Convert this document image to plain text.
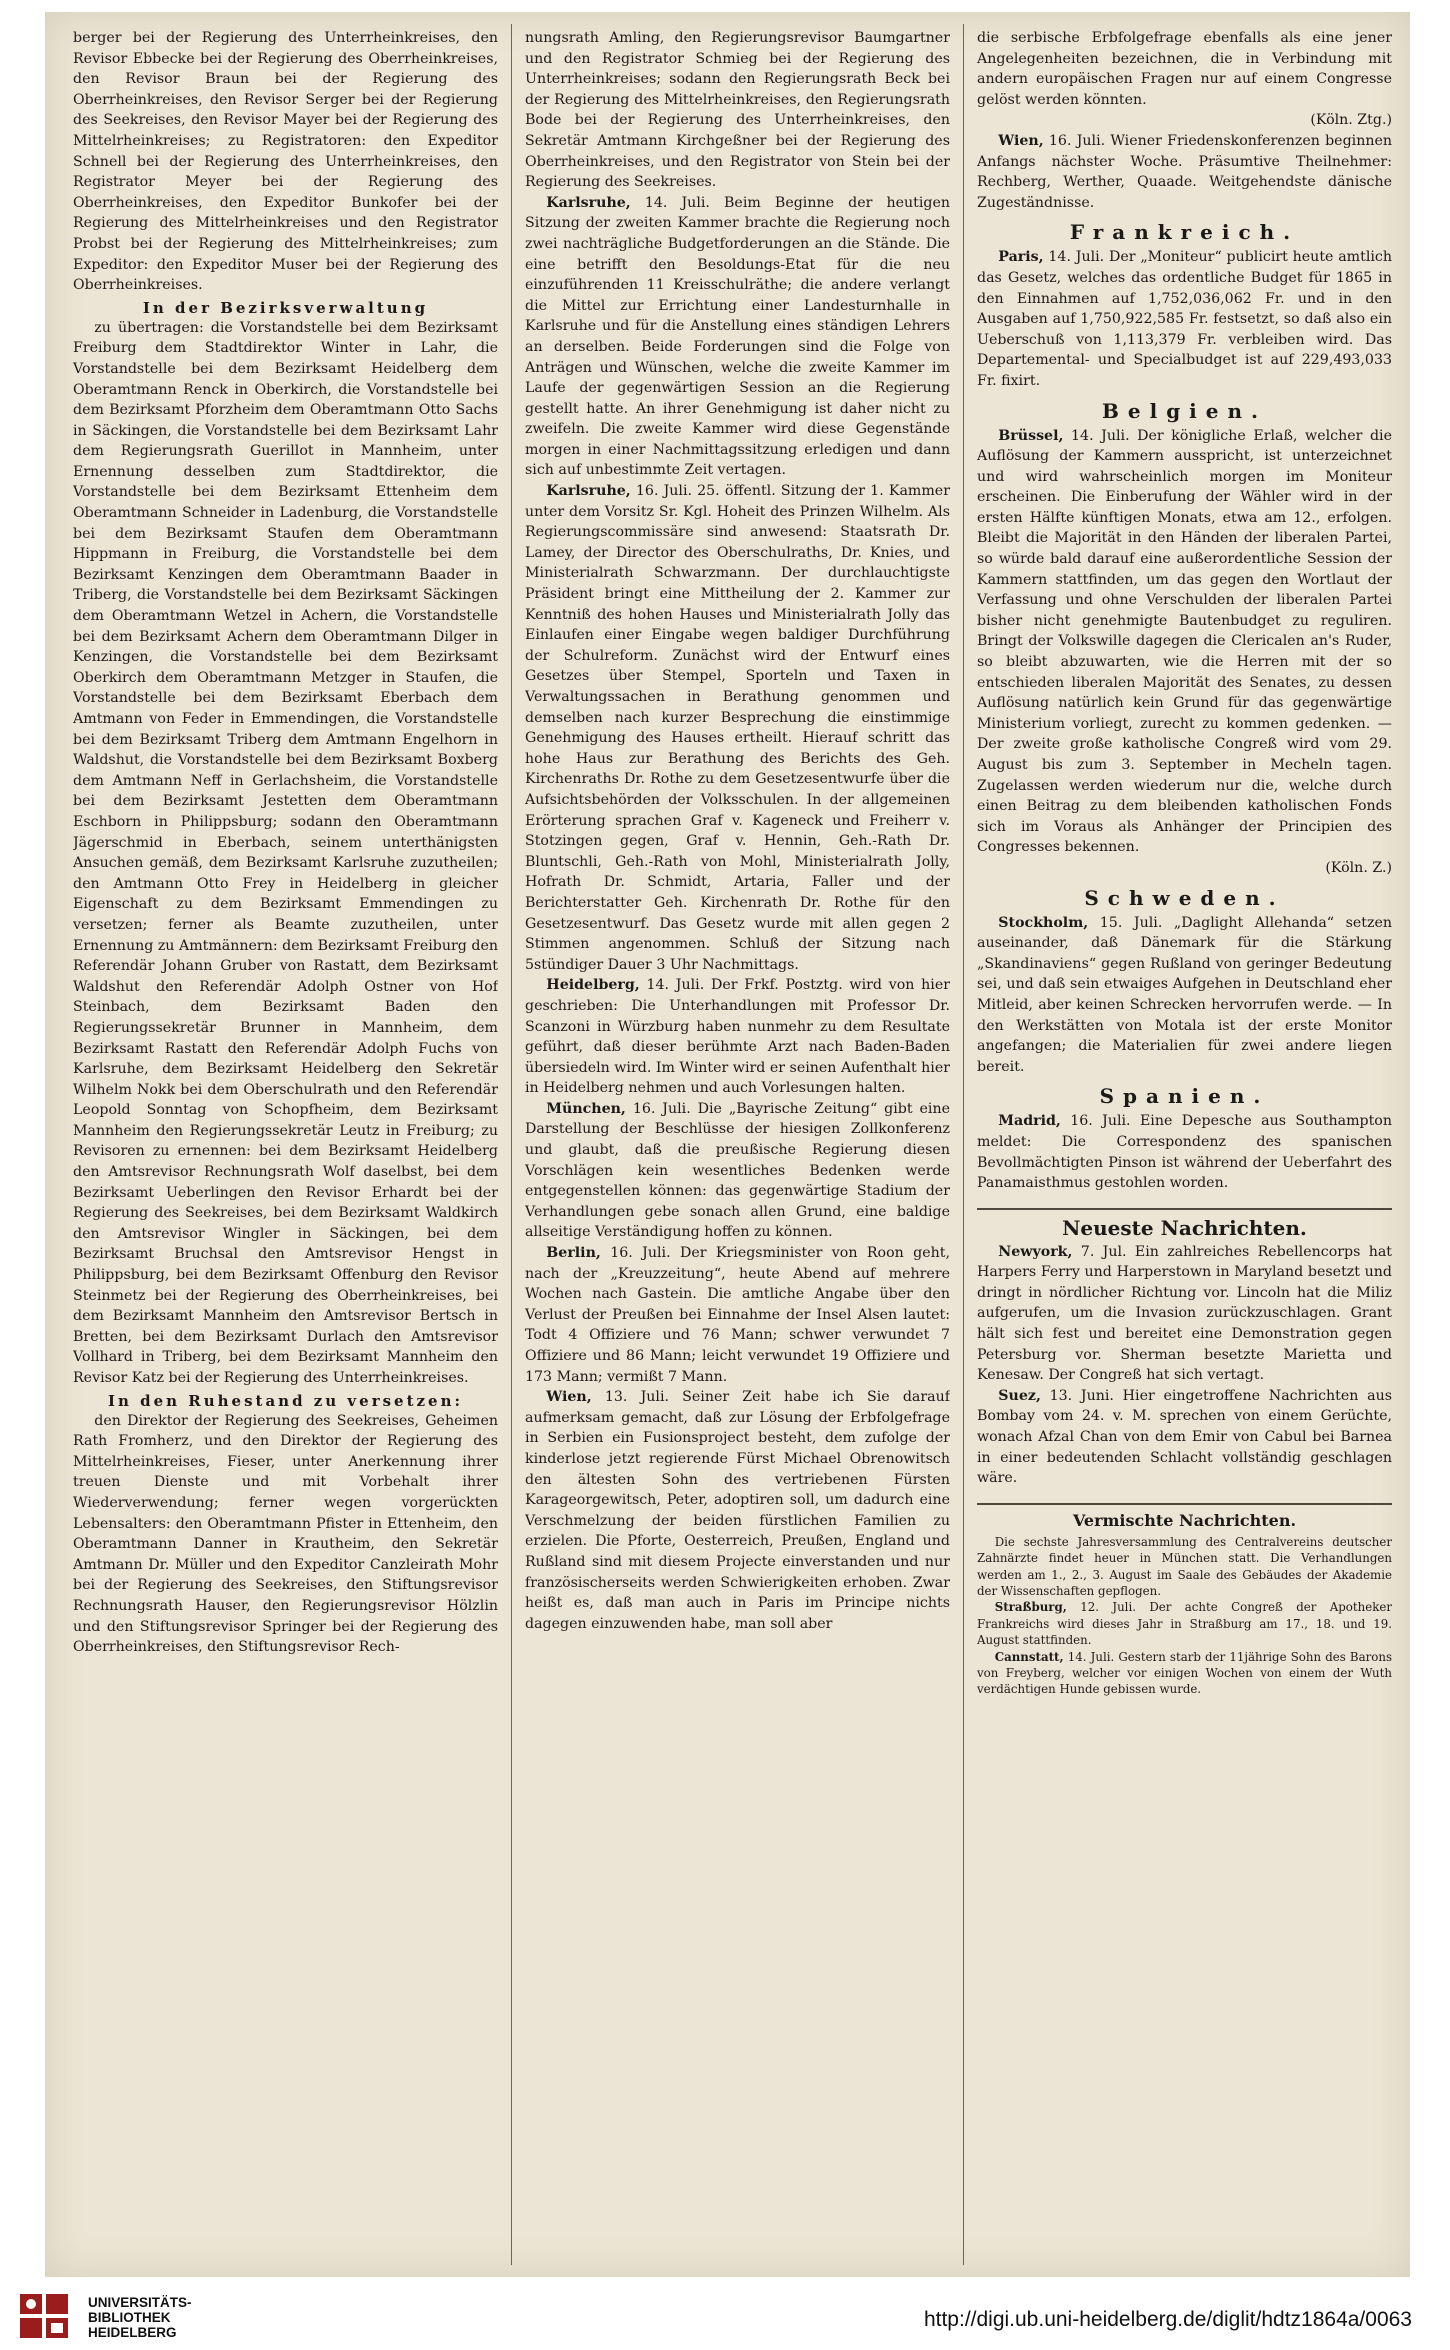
berger bei der Regierung des Unterrheinkreises, den Revisor Ebbecke bei der Regierung des Oberrheinkreises, den Revisor Braun bei der Regierung des Oberrheinkreises, den Revisor Serger bei der Regierung des Seekreises, den Revisor Mayer bei der Regierung des Mittelrheinkreises; zu Registratoren: den Expeditor Schnell bei der Regierung des Unterrheinkreises, den Registrator Meyer bei der Regierung des Oberrheinkreises, den Expeditor Bunkofer bei der Regierung des Mittelrheinkreises und den Registrator Probst bei der Regierung des Mittelrheinkreises; zum Expeditor: den Expeditor Muser bei der Regierung des Oberrheinkreises.

In der Bezirksverwaltung

zu übertragen: die Vorstandstelle bei dem Bezirksamt Freiburg dem Stadtdirektor Winter in Lahr, die Vorstandstelle bei dem Bezirksamt Heidelberg dem Oberamtmann Renck in Oberkirch, die Vorstandstelle bei dem Bezirksamt Pforzheim dem Oberamtmann Otto Sachs in Säckingen, die Vorstandstelle bei dem Bezirksamt Lahr dem Regierungsrath Guerillot in Mannheim, unter Ernennung desselben zum Stadtdirektor, die Vorstandstelle bei dem Bezirksamt Ettenheim dem Oberamtmann Schneider in Ladenburg, die Vorstandstelle bei dem Bezirksamt Staufen dem Oberamtmann Hippmann in Freiburg, die Vorstandstelle bei dem Bezirksamt Kenzingen dem Oberamtmann Baader in Triberg, die Vorstandstelle bei dem Bezirksamt Säckingen dem Oberamtmann Wetzel in Achern, die Vorstandstelle bei dem Bezirksamt Achern dem Oberamtmann Dilger in Kenzingen, die Vorstandstelle bei dem Bezirksamt Oberkirch dem Oberamtmann Metzger in Staufen, die Vorstandstelle bei dem Bezirksamt Eberbach dem Amtmann von Feder in Emmendingen, die Vorstandstelle bei dem Bezirksamt Triberg dem Amtmann Engelhorn in Waldshut, die Vorstandstelle bei dem Bezirksamt Boxberg dem Amtmann Neff in Gerlachsheim, die Vorstandstelle bei dem Bezirksamt Jestetten dem Oberamtmann Eschborn in Philippsburg; sodann den Oberamtmann Jägerschmid in Eberbach, seinem unterthänigsten Ansuchen gemäß, dem Bezirksamt Karlsruhe zuzutheilen; den Amtmann Otto Frey in Heidelberg in gleicher Eigenschaft zu dem Bezirksamt Emmendingen zu versetzen; ferner als Beamte zuzutheilen, unter Ernennung zu Amtmännern: dem Bezirksamt Freiburg den Referendär Johann Gruber von Rastatt, dem Bezirksamt Waldshut den Referendär Adolph Ostner von Hof Steinbach, dem Bezirksamt Baden den Regierungssekretär Brunner in Mannheim, dem Bezirksamt Rastatt den Referendär Adolph Fuchs von Karlsruhe, dem Bezirksamt Heidelberg den Sekretär Wilhelm Nokk bei dem Oberschulrath und den Referendär Leopold Sonntag von Schopfheim, dem Bezirksamt Mannheim den Regierungssekretär Leutz in Freiburg; zu Revisoren zu ernennen: bei dem Bezirksamt Heidelberg den Amtsrevisor Rechnungsrath Wolf daselbst, bei dem Bezirksamt Ueberlingen den Revisor Erhardt bei der Regierung des Seekreises, bei dem Bezirksamt Waldkirch den Amtsrevisor Wingler in Säckingen, bei dem Bezirksamt Bruchsal den Amtsrevisor Hengst in Philippsburg, bei dem Bezirksamt Offenburg den Revisor Steinmetz bei der Regierung des Oberrheinkreises, bei dem Bezirksamt Mannheim den Amtsrevisor Bertsch in Bretten, bei dem Bezirksamt Durlach den Amtsrevisor Vollhard in Triberg, bei dem Bezirksamt Mannheim den Revisor Katz bei der Regierung des Unterrheinkreises.

In den Ruhestand zu versetzen:

den Direktor der Regierung des Seekreises, Geheimen Rath Fromherz, und den Direktor der Regierung des Mittelrheinkreises, Fieser, unter Anerkennung ihrer treuen Dienste und mit Vorbehalt ihrer Wiederverwendung; ferner wegen vorgerückten Lebensalters: den Oberamtmann Pfister in Ettenheim, den Oberamtmann Danner in Krautheim, den Sekretär Amtmann Dr. Müller und den Expeditor Canzleirath Mohr bei der Regierung des Seekreises, den Stiftungsrevisor Rechnungsrath Hauser, den Regierungsrevisor Hölzlin und den Stiftungsrevisor Springer bei der Regierung des Oberrheinkreises, den Stiftungsrevisor Rech-

nungsrath Amling, den Regierungsrevisor Baumgartner und den Registrator Schmieg bei der Regierung des Unterrheinkreises; sodann den Regierungsrath Beck bei der Regierung des Mittelrheinkreises, den Regierungsrath Bode bei der Regierung des Unterrheinkreises, den Sekretär Amtmann Kirchgeßner bei der Regierung des Oberrheinkreises, und den Registrator von Stein bei der Regierung des Seekreises.

Karlsruhe, 14. Juli. Beim Beginne der heutigen Sitzung der zweiten Kammer brachte die Regierung noch zwei nachträgliche Budgetforderungen an die Stände. Die eine betrifft den Besoldungs-Etat für die neu einzuführenden 11 Kreisschulräthe; die andere verlangt die Mittel zur Errichtung einer Landesturnhalle in Karlsruhe und für die Anstellung eines ständigen Lehrers an derselben. Beide Forderungen sind die Folge von Anträgen und Wünschen, welche die zweite Kammer im Laufe der gegenwärtigen Session an die Regierung gestellt hatte. An ihrer Genehmigung ist daher nicht zu zweifeln. Die zweite Kammer wird diese Gegenstände morgen in einer Nachmittagssitzung erledigen und dann sich auf unbestimmte Zeit vertagen.

Karlsruhe, 16. Juli. 25. öffentl. Sitzung der 1. Kammer unter dem Vorsitz Sr. Kgl. Hoheit des Prinzen Wilhelm. Als Regierungscommissäre sind anwesend: Staatsrath Dr. Lamey, der Director des Oberschulraths, Dr. Knies, und Ministerialrath Schwarzmann. Der durchlauchtigste Präsident bringt eine Mittheilung der 2. Kammer zur Kenntniß des hohen Hauses und Ministerialrath Jolly das Einlaufen einer Eingabe wegen baldiger Durchführung der Schulreform. Zunächst wird der Entwurf eines Gesetzes über Stempel, Sporteln und Taxen in Verwaltungssachen in Berathung genommen und demselben nach kurzer Besprechung die einstimmige Genehmigung des Hauses ertheilt. Hierauf schritt das hohe Haus zur Berathung des Berichts des Geh. Kirchenraths Dr. Rothe zu dem Gesetzesentwurfe über die Aufsichtsbehörden der Volksschulen. In der allgemeinen Erörterung sprachen Graf v. Kageneck und Freiherr v. Stotzingen gegen, Graf v. Hennin, Geh.-Rath Dr. Bluntschli, Geh.-Rath von Mohl, Ministerialrath Jolly, Hofrath Dr. Schmidt, Artaria, Faller und der Berichterstatter Geh. Kirchenrath Dr. Rothe für den Gesetzesentwurf. Das Gesetz wurde mit allen gegen 2 Stimmen angenommen. Schluß der Sitzung nach 5stündiger Dauer 3 Uhr Nachmittags.

Heidelberg, 14. Juli. Der Frkf. Postztg. wird von hier geschrieben: Die Unterhandlungen mit Professor Dr. Scanzoni in Würzburg haben nunmehr zu dem Resultate geführt, daß dieser berühmte Arzt nach Baden-Baden übersiedeln wird. Im Winter wird er seinen Aufenthalt hier in Heidelberg nehmen und auch Vorlesungen halten.

München, 16. Juli. Die „Bayrische Zeitung“ gibt eine Darstellung der Beschlüsse der hiesigen Zollkonferenz und glaubt, daß die preußische Regierung diesen Vorschlägen kein wesentliches Bedenken werde entgegenstellen können: das gegenwärtige Stadium der Verhandlungen gebe sonach allen Grund, eine baldige allseitige Verständigung hoffen zu können.

Berlin, 16. Juli. Der Kriegsminister von Roon geht, nach der „Kreuzzeitung“, heute Abend auf mehrere Wochen nach Gastein. Die amtliche Angabe über den Verlust der Preußen bei Einnahme der Insel Alsen lautet: Todt 4 Offiziere und 76 Mann; schwer verwundet 7 Offiziere und 86 Mann; leicht verwundet 19 Offiziere und 173 Mann; vermißt 7 Mann.

Wien, 13. Juli. Seiner Zeit habe ich Sie darauf aufmerksam gemacht, daß zur Lösung der Erbfolgefrage in Serbien ein Fusionsproject besteht, dem zufolge der kinderlose jetzt regierende Fürst Michael Obrenowitsch den ältesten Sohn des vertriebenen Fürsten Karageorgewitsch, Peter, adoptiren soll, um dadurch eine Verschmelzung der beiden fürstlichen Familien zu erzielen. Die Pforte, Oesterreich, Preußen, England und Rußland sind mit diesem Projecte einverstanden und nur französischerseits werden Schwierigkeiten erhoben. Zwar heißt es, daß man auch in Paris im Principe nichts dagegen einzuwenden habe, man soll aber

die serbische Erbfolgefrage ebenfalls als eine jener Angelegenheiten bezeichnen, die in Verbindung mit andern europäischen Fragen nur auf einem Congresse gelöst werden könnten.

(Köln. Ztg.)

Wien, 16. Juli. Wiener Friedenskonferenzen beginnen Anfangs nächster Woche. Präsumtive Theilnehmer: Rechberg, Werther, Quaade. Weitgehendste dänische Zugeständnisse.

Frankreich.

Paris, 14. Juli. Der „Moniteur“ publicirt heute amtlich das Gesetz, welches das ordentliche Budget für 1865 in den Einnahmen auf 1,752,036,062 Fr. und in den Ausgaben auf 1,750,922,585 Fr. festsetzt, so daß also ein Ueberschuß von 1,113,379 Fr. verbleiben wird. Das Departemental- und Specialbudget ist auf 229,493,033 Fr. fixirt.

Belgien.

Brüssel, 14. Juli. Der königliche Erlaß, welcher die Auflösung der Kammern ausspricht, ist unterzeichnet und wird wahrscheinlich morgen im Moniteur erscheinen. Die Einberufung der Wähler wird in der ersten Hälfte künftigen Monats, etwa am 12., erfolgen. Bleibt die Majorität in den Händen der liberalen Partei, so würde bald darauf eine außerordentliche Session der Kammern stattfinden, um das gegen den Wortlaut der Verfassung und ohne Verschulden der liberalen Partei bisher nicht genehmigte Bautenbudget zu reguliren. Bringt der Volkswille dagegen die Clericalen an's Ruder, so bleibt abzuwarten, wie die Herren mit der so entschieden liberalen Majorität des Senates, zu dessen Auflösung natürlich kein Grund für das gegenwärtige Ministerium vorliegt, zurecht zu kommen gedenken. — Der zweite große katholische Congreß wird vom 29. August bis zum 3. September in Mecheln tagen. Zugelassen werden wiederum nur die, welche durch einen Beitrag zu dem bleibenden katholischen Fonds sich im Voraus als Anhänger der Principien des Congresses bekennen.

(Köln. Z.)

Schweden.

Stockholm, 15. Juli. „Daglight Allehanda“ setzen auseinander, daß Dänemark für die Stärkung „Skandinaviens“ gegen Rußland von geringer Bedeutung sei, und daß sein etwaiges Aufgehen in Deutschland eher Mitleid, aber keinen Schrecken hervorrufen werde. — In den Werkstätten von Motala ist der erste Monitor angefangen; die Materialien für zwei andere liegen bereit.

Spanien.

Madrid, 16. Juli. Eine Depesche aus Southampton meldet: Die Correspondenz des spanischen Bevollmächtigten Pinson ist während der Ueberfahrt des Panamaisthmus gestohlen worden.

Neueste Nachrichten.

Newyork, 7. Jul. Ein zahlreiches Rebellencorps hat Harpers Ferry und Harperstown in Maryland besetzt und dringt in nördlicher Richtung vor. Lincoln hat die Miliz aufgerufen, um die Invasion zurückzuschlagen. Grant hält sich fest und bereitet eine Demonstration gegen Petersburg vor. Sherman besetzte Marietta und Kenesaw. Der Congreß hat sich vertagt.

Suez, 13. Juni. Hier eingetroffene Nachrichten aus Bombay vom 24. v. M. sprechen von einem Gerüchte, wonach Afzal Chan von dem Emir von Cabul bei Barnea in einer bedeutenden Schlacht vollständig geschlagen wäre.

Vermischte Nachrichten.

Die sechste Jahresversammlung des Centralvereins deutscher Zahnärzte findet heuer in München statt. Die Verhandlungen werden am 1., 2., 3. August im Saale des Gebäudes der Akademie der Wissenschaften gepflogen.

Straßburg, 12. Juli. Der achte Congreß der Apotheker Frankreichs wird dieses Jahr in Straßburg am 17., 18. und 19. August stattfinden.

Cannstatt, 14. Juli. Gestern starb der 11jährige Sohn des Barons von Freyberg, welcher vor einigen Wochen von einem der Wuth verdächtigen Hunde gebissen wurde.

UNIVERSITÄTS-
BIBLIOTHEK
HEIDELBERG
http://digi.ub.uni-heidelberg.de/diglit/hdtz1864a/0063
